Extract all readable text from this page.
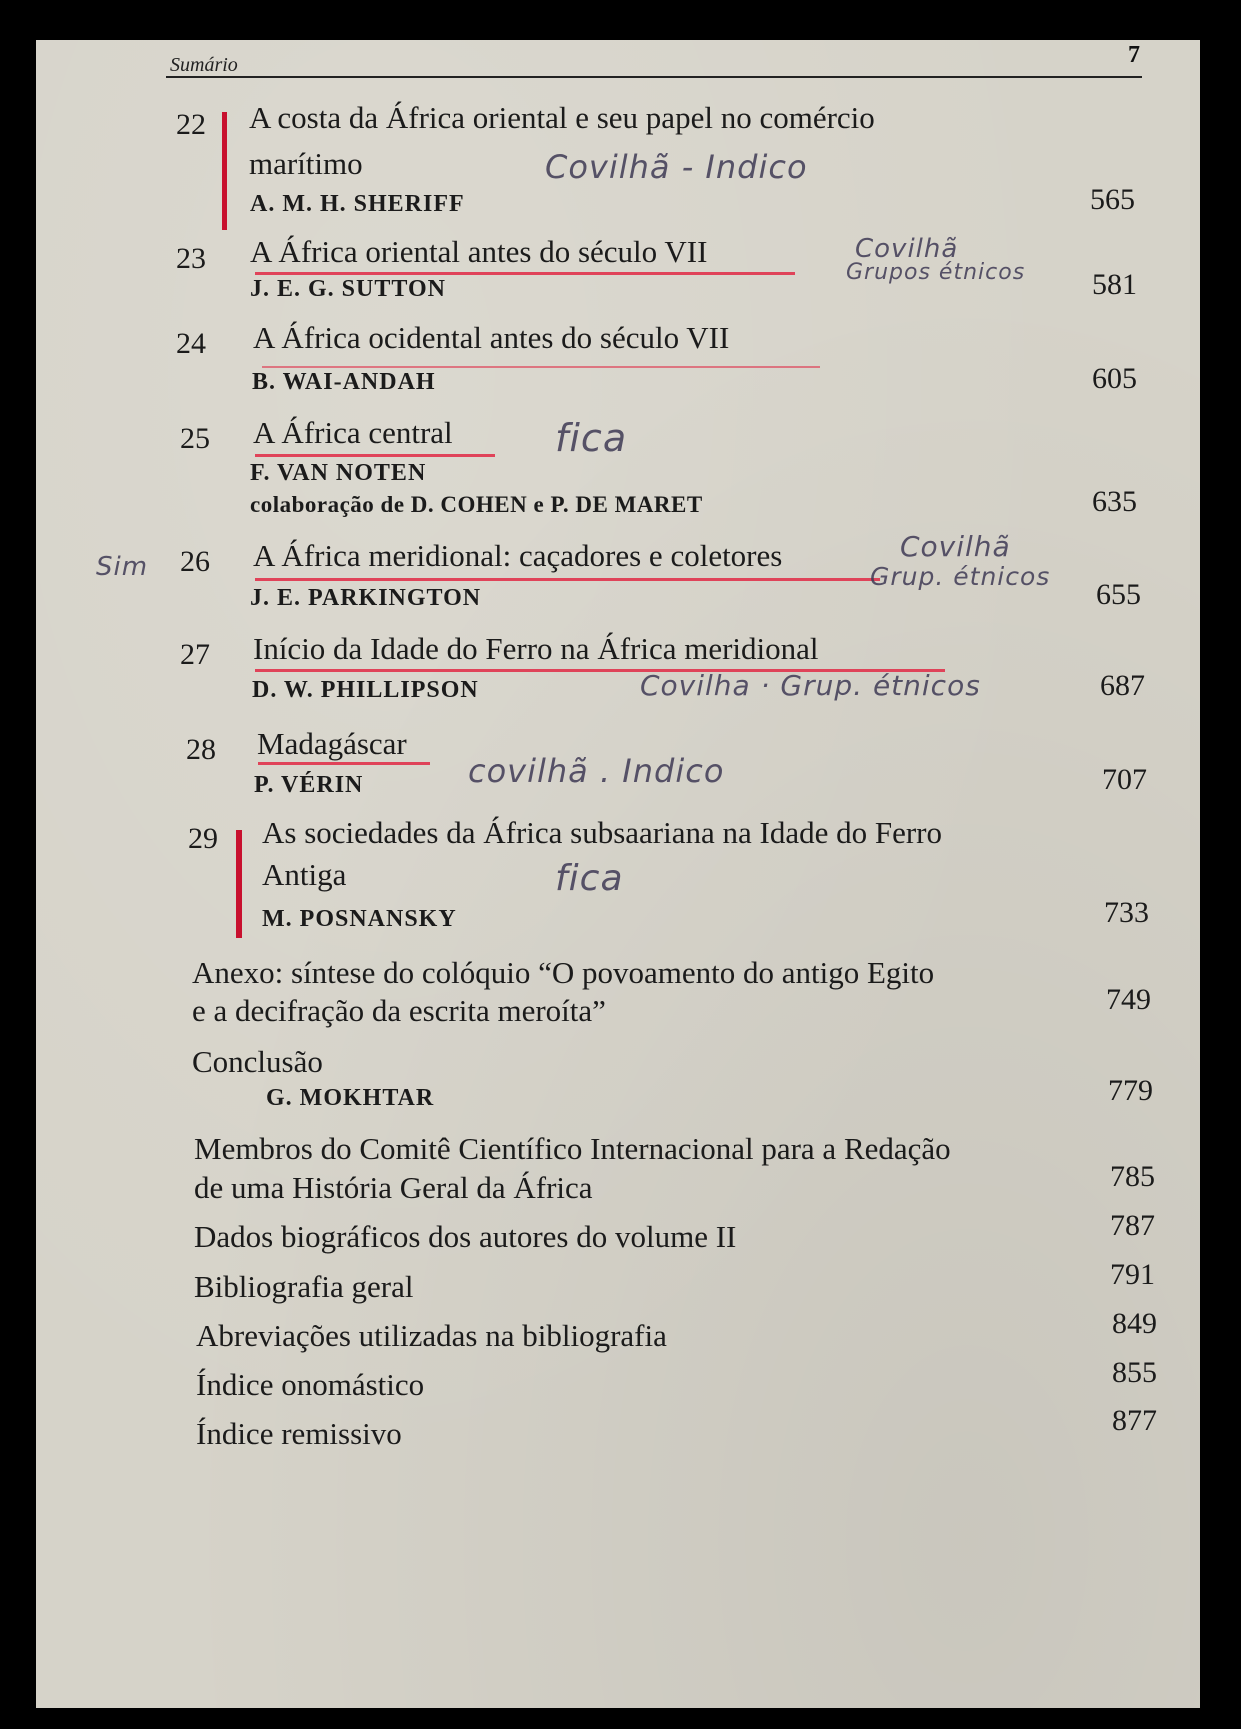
Sumário	7
22 A costa da África oriental e seu papel no comércio
marítimo
A. M. H. SHERIFF	565
Covilhã - Indico
23 A África oriental antes do século VII
J. E. G. SUTTON	581
Covilhã
Grupos étnicos
24 A África ocidental antes do século VII
B. WAI-ANDAH	605
25 A África central
F. VAN NOTEN
colaboração de D. COHEN e P. DE MARET	635
fica
26 A África meridional: caçadores e coletores
J. E. PARKINGTON	655
Covilhã
Grup. étnicos
Sim
27 Início da Idade do Ferro na África meridional
D. W. PHILLIPSON	687
Covilha · Grup. étnicos
28 Madagáscar
P. VÉRIN	707
covilhã . Indico
29 As sociedades da África subsaariana na Idade do Ferro
Antiga
M. POSNANSKY	733
fica
Anexo: síntese do colóquio “O povoamento do antigo Egito
e a decifração da escrita meroíta”	749
Conclusão
G. MOKHTAR	779
Membros do Comitê Científico Internacional para a Redação
de uma História Geral da África	785
Dados biográficos dos autores do volume II	787
Bibliografia geral	791
Abreviações utilizadas na bibliografia	849
Índice onomástico	855
Índice remissivo	877
